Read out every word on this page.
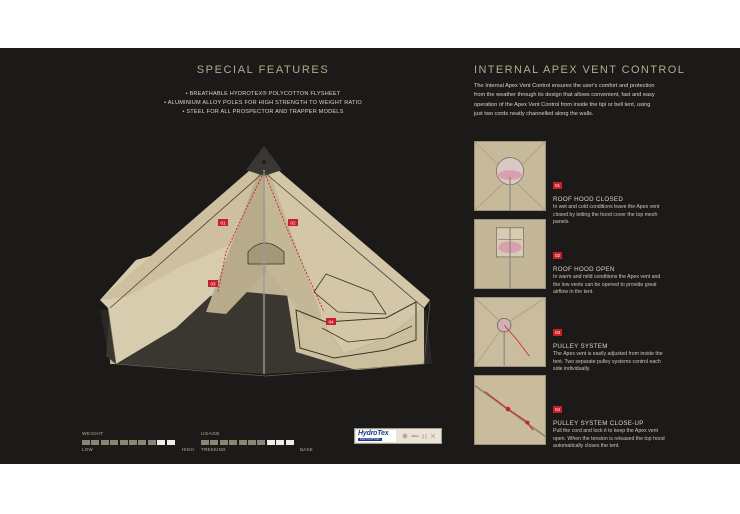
SPECIAL FEATURES
• BREATHABLE HYDROTEX® POLYCOTTON FLYSHEET
• ALUMINIUM ALLOY POLES FOR HIGH STRENGTH TO WEIGHT RATIO
• STEEL FOR ALL PROSPECTOR AND TRAPPER MODELS
01	02
03
04
INTERNAL APEX VENT CONTROL

The Internal Apex Vent Control ensures the user's comfort and protection from the weather through its design that allows convenient, fast and easy operation of the Apex Vent Control from inside the tipi or bell tent, using just two cords neatly channelled along the walls.

01
ROOF HOOD CLOSED
In wet and cold conditions leave the Apex vent closed by letting the hood cover the top mesh panels.
02
ROOF HOOD OPEN
In warm and mild conditions the Apex vent and the low vents can be opened to provide great airflow in the tent.
03
PULLEY SYSTEM
The Apex vent is easily adjusted from inside the tent. Two separate pulley systems control each side individually.
04
PULLEY SYSTEM CLOSE-UP
Pull the cord and lock it to keep the Apex vent open. When the tension is released the top hood automatically closes the tent.
WEIGHT
LOW	HIGH
USAGE
TREKKING	BASE
HydroTex
POLYCOTTON
